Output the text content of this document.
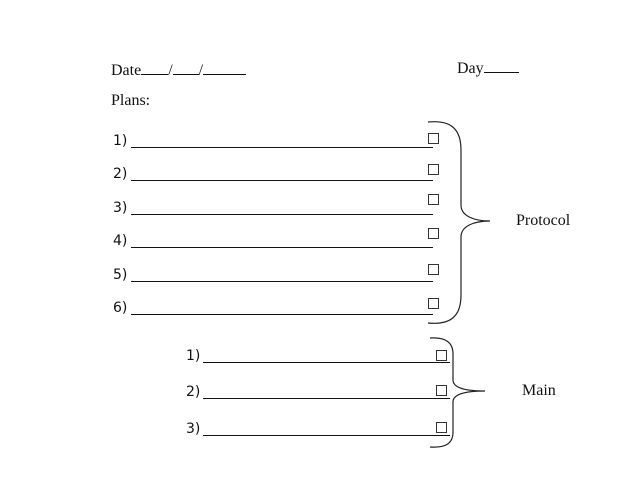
Date / /	Day
Plans:
1)
2)
3)
4)
5)
6)
Protocol
1)
2)
3)
Main
